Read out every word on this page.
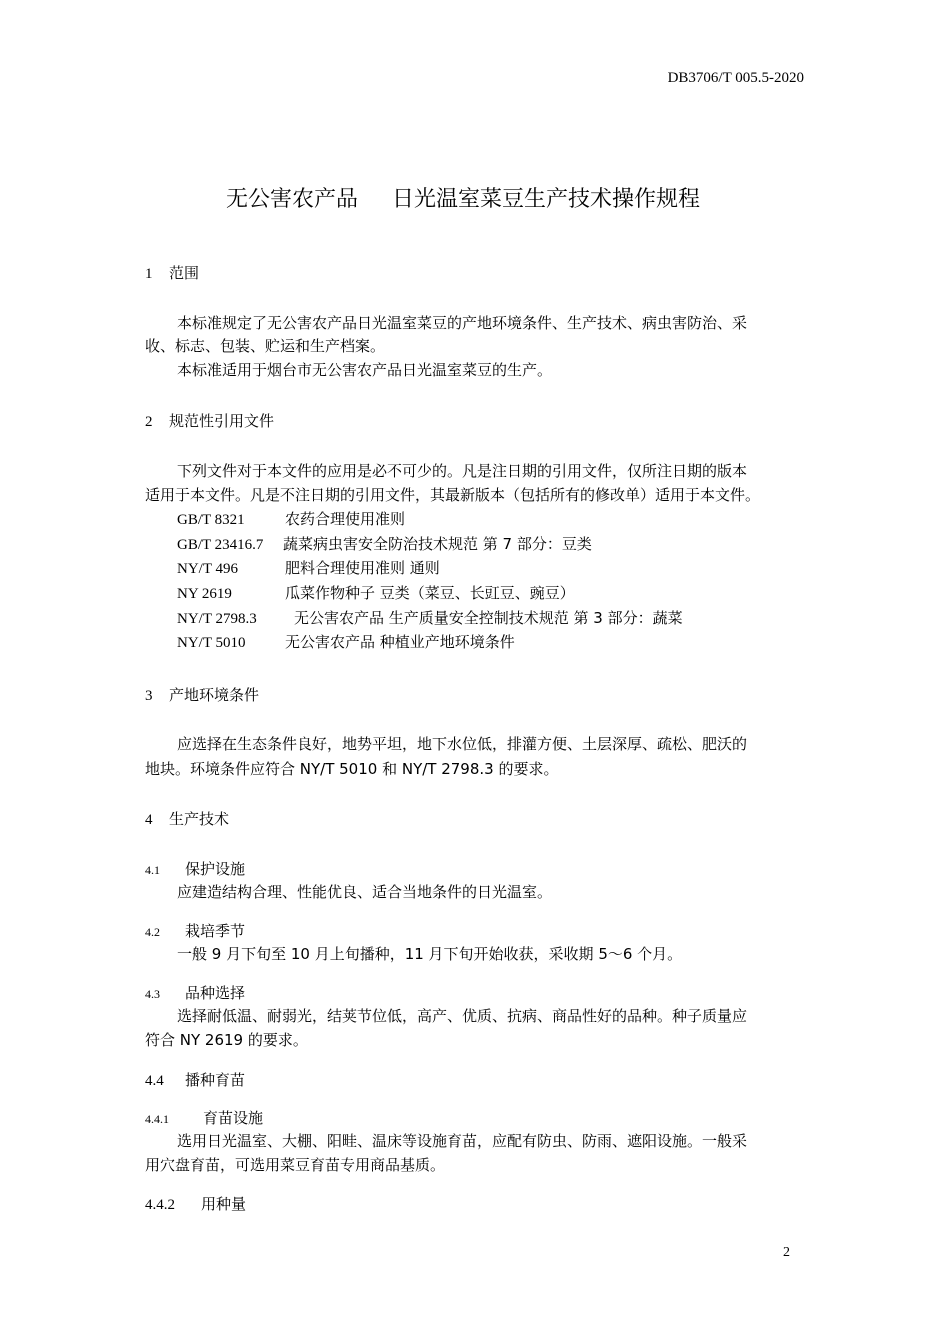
DB3706/T 005.5-2020
无公害农产品 日光温室菜豆生产技术操作规程
1 范围
本标准规定了无公害农产品日光温室菜豆的产地环境条件、生产技术、病虫害防治、采
收、标志、包装、贮运和生产档案。
本标准适用于烟台市无公害农产品日光温室菜豆的生产。
2 规范性引用文件
下列文件对于本文件的应用是必不可少的。凡是注日期的引用文件，仅所注日期的版本
适用于本文件。凡是不注日期的引用文件，其最新版本（包括所有的修改单）适用于本文件。
GB/T 8321	农药合理使用准则
GB/T 23416.7 蔬菜病虫害安全防治技术规范 第 7 部分：豆类
NY/T 496	肥料合理使用准则 通则
NY 2619	瓜菜作物种子 豆类（菜豆、长豇豆、豌豆）
NY/T 2798.3 无公害农产品 生产质量安全控制技术规范 第 3 部分：蔬菜
NY/T 5010	无公害农产品 种植业产地环境条件
3 产地环境条件
应选择在生态条件良好，地势平坦，地下水位低，排灌方便、土层深厚、疏松、肥沃的
地块。环境条件应符合 NY/T 5010 和 NY/T 2798.3 的要求。
4 生产技术
4.1 保护设施
应建造结构合理、性能优良、适合当地条件的日光温室。
4.2 栽培季节
一般 9 月下旬至 10 月上旬播种，11 月下旬开始收获，采收期 5～6 个月。
4.3 品种选择
选择耐低温、耐弱光，结荚节位低，高产、优质、抗病、商品性好的品种。种子质量应
符合 NY 2619 的要求。
4.4 播种育苗
4.4.1 育苗设施
选用日光温室、大棚、阳畦、温床等设施育苗，应配有防虫、防雨、遮阳设施。一般采
用穴盘育苗，可选用菜豆育苗专用商品基质。
4.4.2 用种量
2
